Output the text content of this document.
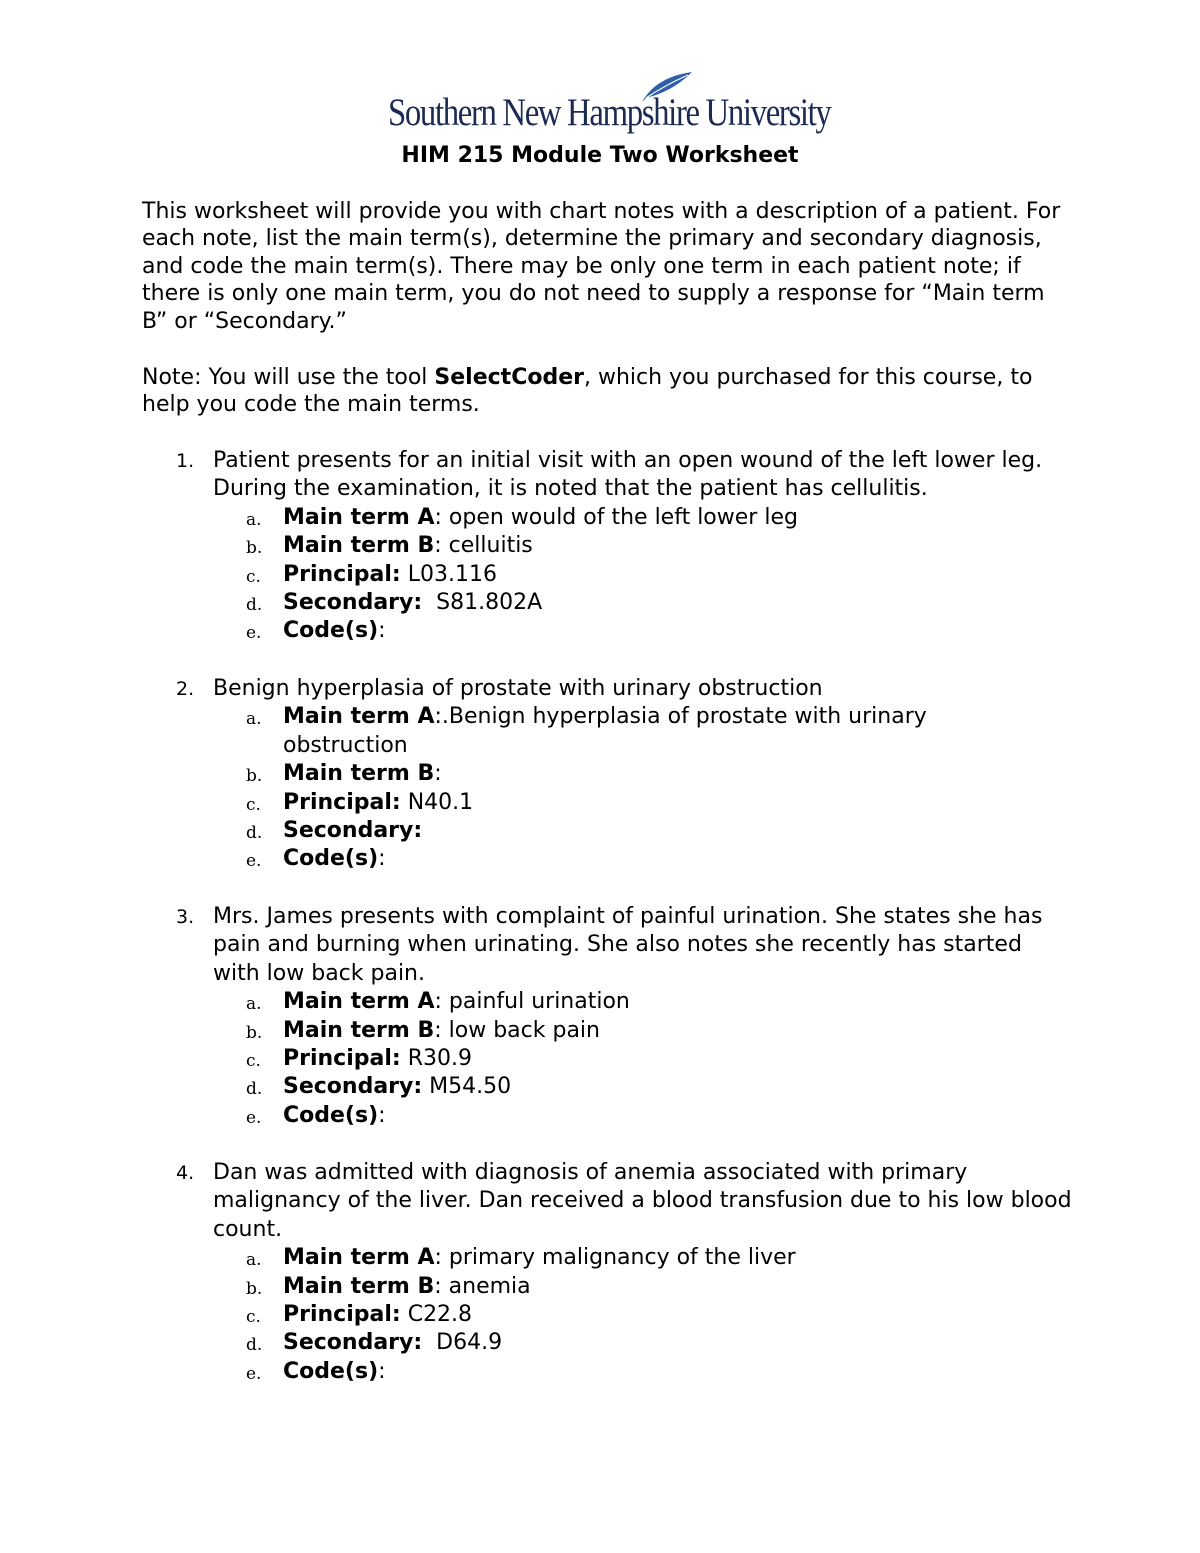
Southern New Hampshire University
HIM 215 Module Two Worksheet
This worksheet will provide you with chart notes with a description of a patient. For each note, list the main term(s), determine the primary and secondary diagnosis, and code the main term(s). There may be only one term in each patient note; if there is only one main term, you do not need to supply a response for “Main term B” or “Secondary.”
Note: You will use the tool SelectCoder, which you purchased for this course, to help you code the main terms.
1. Patient presents for an initial visit with an open wound of the left lower leg. During the examination, it is noted that the patient has cellulitis.
a. Main term A: open would of the left lower leg
b. Main term B: celluitis
c. Principal: L03.116
d. Secondary: S81.802A
e. Code(s):
2. Benign hyperplasia of prostate with urinary obstruction
a. Main term A:.Benign hyperplasia of prostate with urinary obstruction
b. Main term B:
c. Principal: N40.1
d. Secondary:
e. Code(s):
3. Mrs. James presents with complaint of painful urination. She states she has pain and burning when urinating. She also notes she recently has started with low back pain.
a. Main term A: painful urination
b. Main term B: low back pain
c. Principal: R30.9
d. Secondary: M54.50
e. Code(s):
4. Dan was admitted with diagnosis of anemia associated with primary malignancy of the liver. Dan received a blood transfusion due to his low blood count.
a. Main term A: primary malignancy of the liver
b. Main term B: anemia
c. Principal: C22.8
d. Secondary: D64.9
e. Code(s):
